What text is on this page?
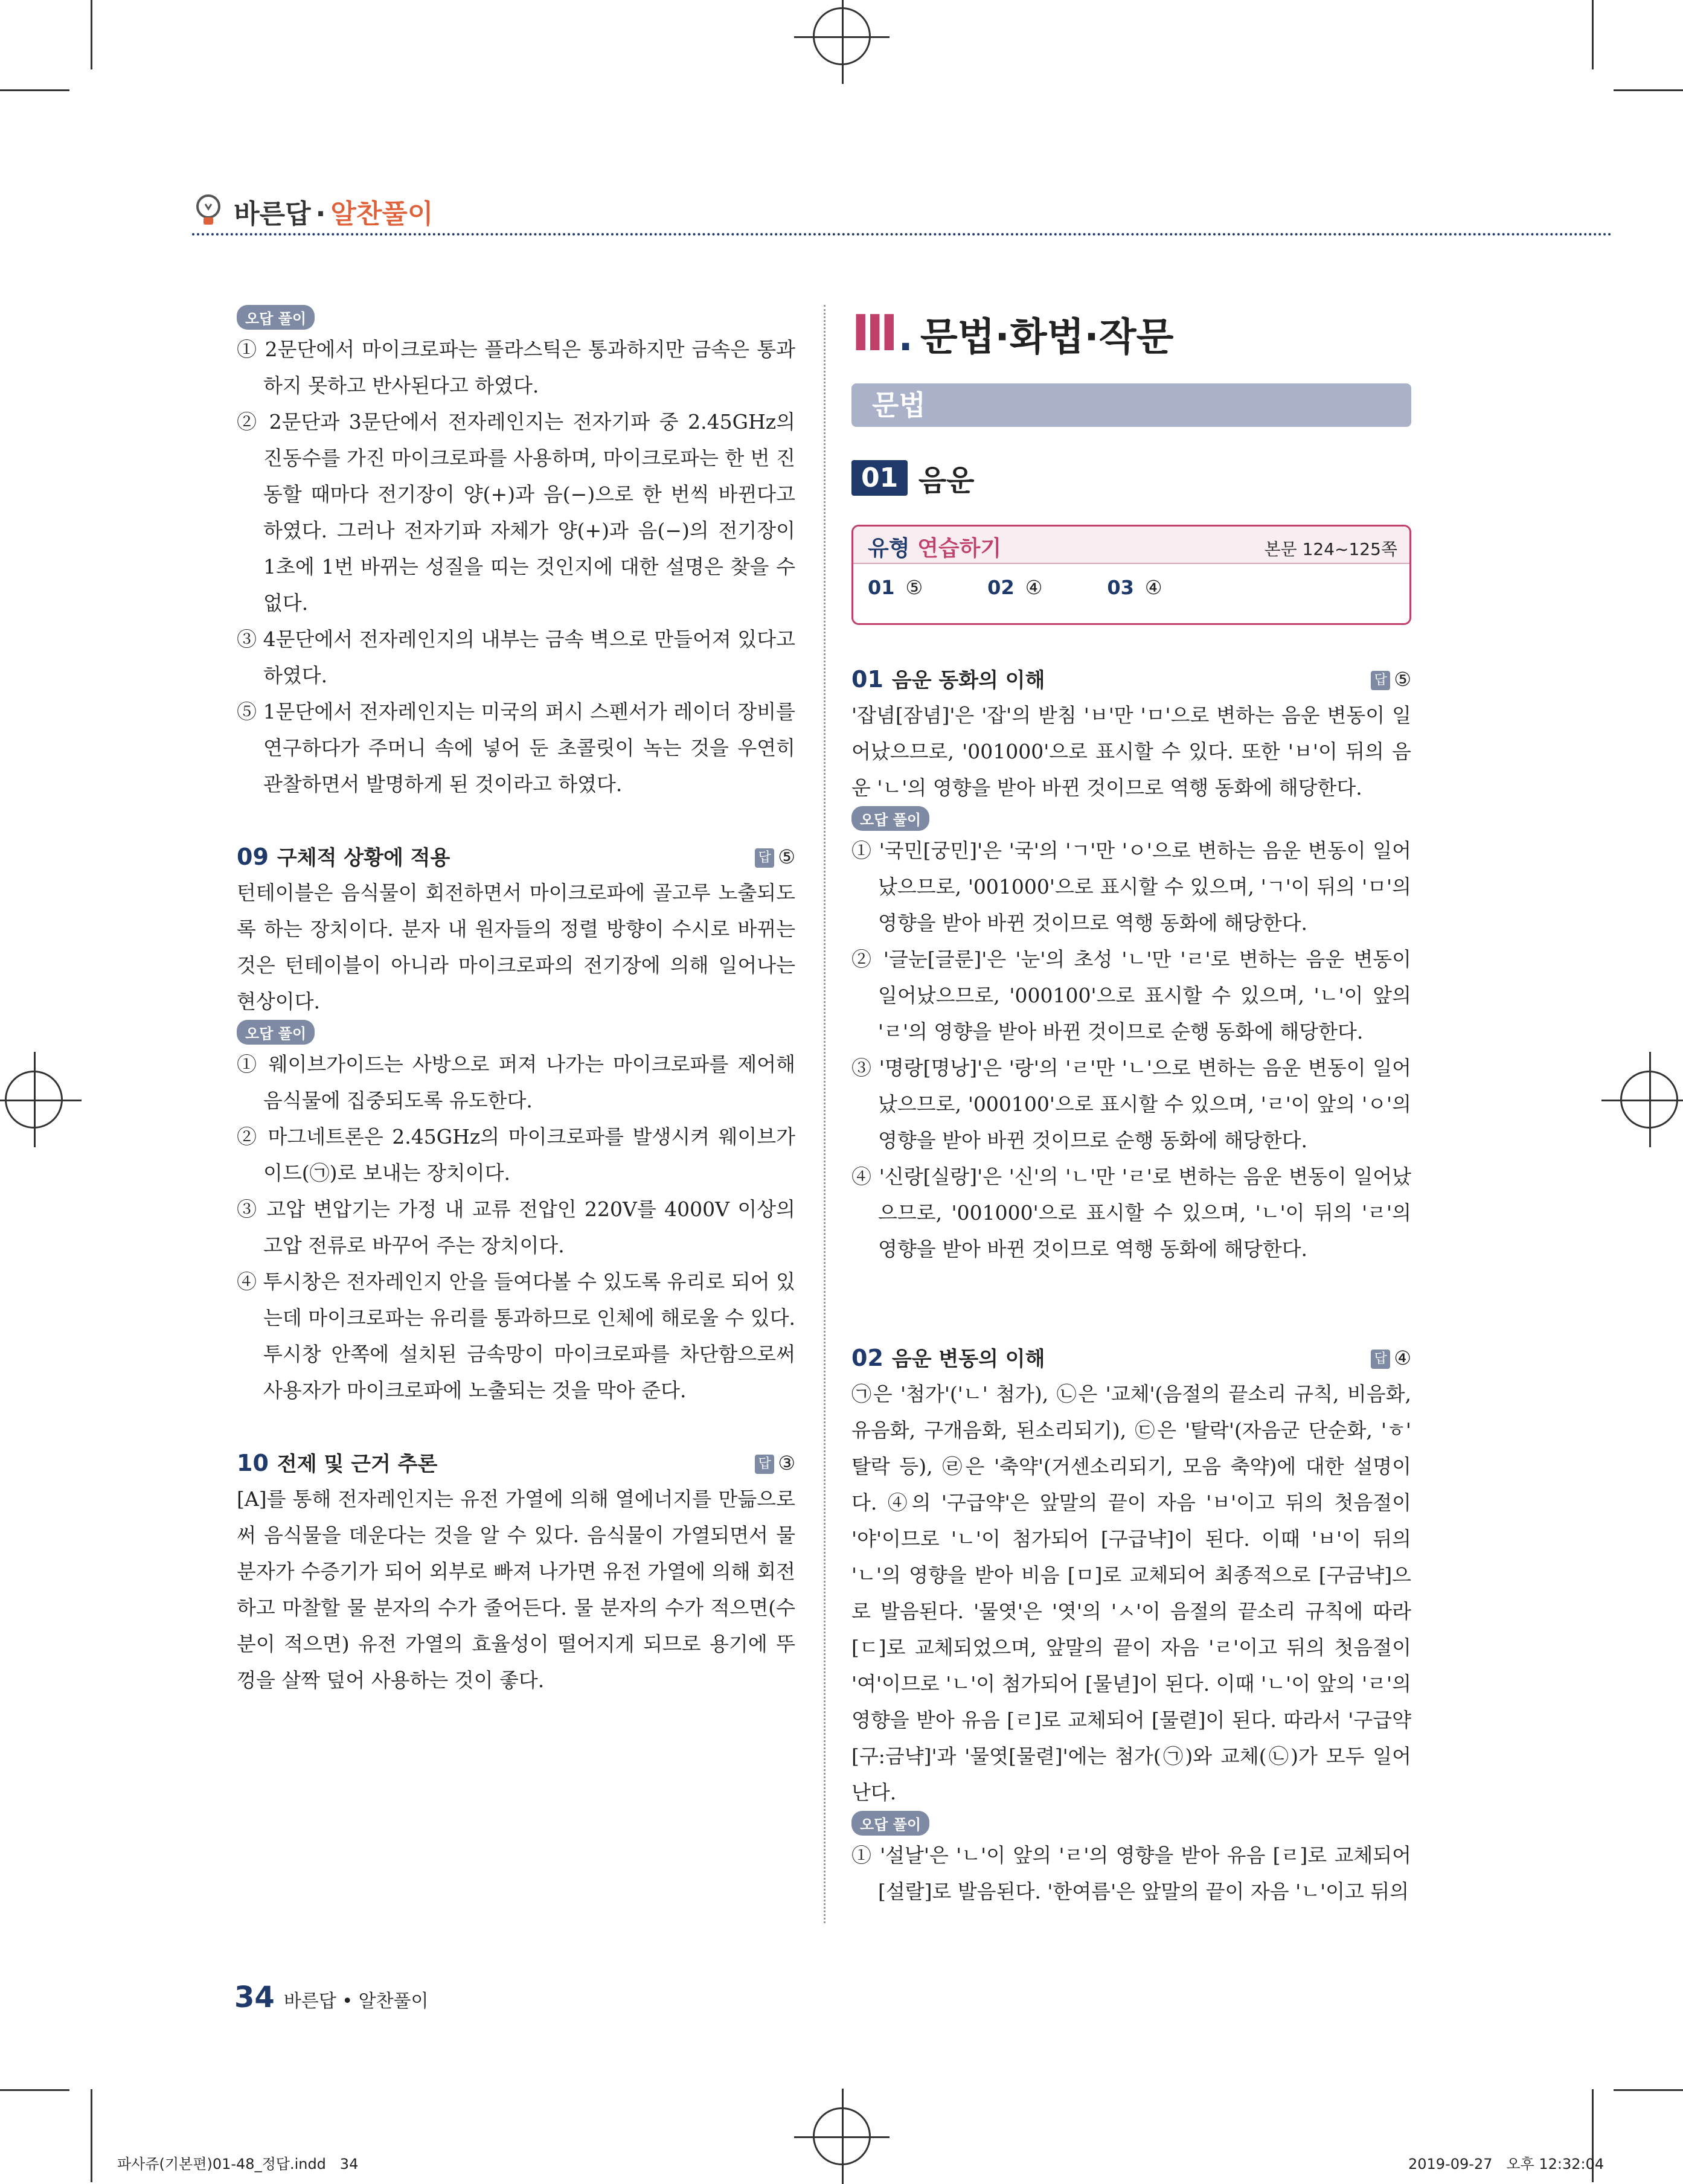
바른답 · 알찬풀이
오답 풀이

① 2문단에서 마이크로파는 플라스틱은 통과하지만 금속은 통과하지 못하고 반사된다고 하였다.

② 2문단과 3문단에서 전자레인지는 전자기파 중 2.45GHz의 진동수를 가진 마이크로파를 사용하며, 마이크로파는 한 번 진동할 때마다 전기장이 양(+)과 음(−)으로 한 번씩 바뀐다고 하였다. 그러나 전자기파 자체가 양(+)과 음(−)의 전기장이 1초에 1번 바뀌는 성질을 띠는 것인지에 대한 설명은 찾을 수 없다.

③ 4문단에서 전자레인지의 내부는 금속 벽으로 만들어져 있다고 하였다.

⑤ 1문단에서 전자레인지는 미국의 퍼시 스펜서가 레이더 장비를 연구하다가 주머니 속에 넣어 둔 초콜릿이 녹는 것을 우연히 관찰하면서 발명하게 된 것이라고 하였다.

09 구체적 상황에 적용	답 ⑤

턴테이블은 음식물이 회전하면서 마이크로파에 골고루 노출되도록 하는 장치이다. 분자 내 원자들의 정렬 방향이 수시로 바뀌는 것은 턴테이블이 아니라 마이크로파의 전기장에 의해 일어나는 현상이다.

오답 풀이

① 웨이브가이드는 사방으로 퍼져 나가는 마이크로파를 제어해 음식물에 집중되도록 유도한다.

② 마그네트론은 2.45GHz의 마이크로파를 발생시켜 웨이브가이드(㉠)로 보내는 장치이다.

③ 고압 변압기는 가정 내 교류 전압인 220V를 4000V 이상의 고압 전류로 바꾸어 주는 장치이다.

④ 투시창은 전자레인지 안을 들여다볼 수 있도록 유리로 되어 있는데 마이크로파는 유리를 통과하므로 인체에 해로울 수 있다. 투시창 안쪽에 설치된 금속망이 마이크로파를 차단함으로써 사용자가 마이크로파에 노출되는 것을 막아 준다.

10 전제 및 근거 추론	답 ③

[A]를 통해 전자레인지는 유전 가열에 의해 열에너지를 만듦으로써 음식물을 데운다는 것을 알 수 있다. 음식물이 가열되면서 물 분자가 수증기가 되어 외부로 빠져 나가면 유전 가열에 의해 회전하고 마찰할 물 분자의 수가 줄어든다. 물 분자의 수가 적으면(수분이 적으면) 유전 가열의 효율성이 떨어지게 되므로 용기에 뚜껑을 살짝 덮어 사용하는 것이 좋다.

Ⅲ. 문법·화법·작문
문법
01 음운
유형 연습하기	본문 124~125쪽
01 ⑤	02 ④	03 ④
01 음운 동화의 이해	답 ⑤

'잡념[잠념]'은 '잡'의 받침 'ㅂ'만 'ㅁ'으로 변하는 음운 변동이 일어났으므로, '001000'으로 표시할 수 있다. 또한 'ㅂ'이 뒤의 음운 'ㄴ'의 영향을 받아 바뀐 것이므로 역행 동화에 해당한다.

오답 풀이

① '국민[궁민]'은 '국'의 'ㄱ'만 'ㅇ'으로 변하는 음운 변동이 일어났으므로, '001000'으로 표시할 수 있으며, 'ㄱ'이 뒤의 'ㅁ'의 영향을 받아 바뀐 것이므로 역행 동화에 해당한다.

② '글눈[글룬]'은 '눈'의 초성 'ㄴ'만 'ㄹ'로 변하는 음운 변동이 일어났으므로, '000100'으로 표시할 수 있으며, 'ㄴ'이 앞의 'ㄹ'의 영향을 받아 바뀐 것이므로 순행 동화에 해당한다.

③ '명랑[명낭]'은 '랑'의 'ㄹ'만 'ㄴ'으로 변하는 음운 변동이 일어났으므로, '000100'으로 표시할 수 있으며, 'ㄹ'이 앞의 'ㅇ'의 영향을 받아 바뀐 것이므로 순행 동화에 해당한다.

④ '신랑[실랑]'은 '신'의 'ㄴ'만 'ㄹ'로 변하는 음운 변동이 일어났으므로, '001000'으로 표시할 수 있으며, 'ㄴ'이 뒤의 'ㄹ'의 영향을 받아 바뀐 것이므로 역행 동화에 해당한다.

02 음운 변동의 이해	답 ④

㉠은 '첨가'('ㄴ' 첨가), ㉡은 '교체'(음절의 끝소리 규칙, 비음화, 유음화, 구개음화, 된소리되기), ㉢은 '탈락'(자음군 단순화, 'ㅎ' 탈락 등), ㉣은 '축약'(거센소리되기, 모음 축약)에 대한 설명이다. ④의 '구급약'은 앞말의 끝이 자음 'ㅂ'이고 뒤의 첫음절이 '야'이므로 'ㄴ'이 첨가되어 [구급냑]이 된다. 이때 'ㅂ'이 뒤의 'ㄴ'의 영향을 받아 비음 [ㅁ]로 교체되어 최종적으로 [구금냑]으로 발음된다. '물엿'은 '엿'의 'ㅅ'이 음절의 끝소리 규칙에 따라 [ㄷ]로 교체되었으며, 앞말의 끝이 자음 'ㄹ'이고 뒤의 첫음절이 '여'이므로 'ㄴ'이 첨가되어 [물녇]이 된다. 이때 'ㄴ'이 앞의 'ㄹ'의 영향을 받아 유음 [ㄹ]로 교체되어 [물렫]이 된다. 따라서 '구급약[구:금냑]'과 '물엿[물렫]'에는 첨가(㉠)와 교체(㉡)가 모두 일어난다.

오답 풀이

① '설날'은 'ㄴ'이 앞의 'ㄹ'의 영향을 받아 유음 [ㄹ]로 교체되어 [설랄]로 발음된다. '한여름'은 앞말의 끝이 자음 'ㄴ'이고 뒤의

34 바른답 • 알찬풀이
파사쥬(기본편)01-48_정답.indd   34	2019-09-27   오후 12:32:04
